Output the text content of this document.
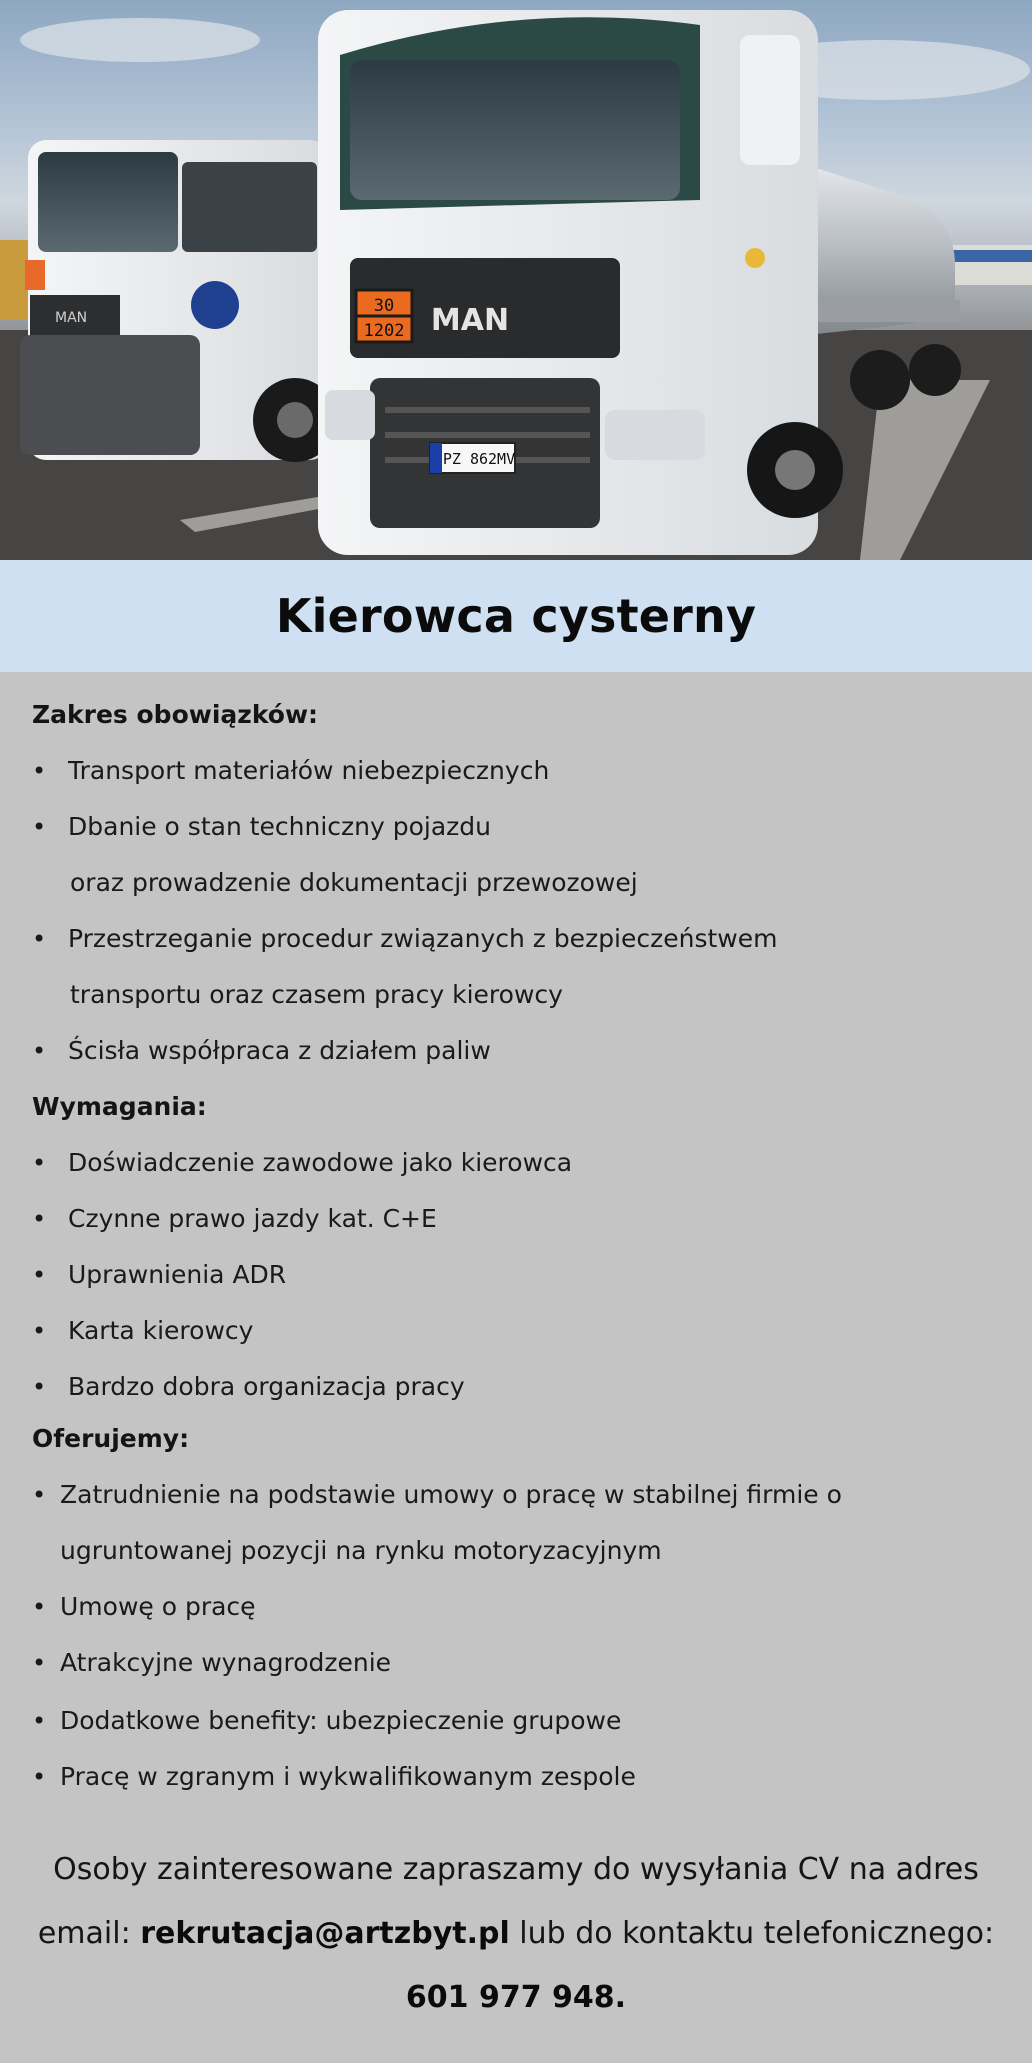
MAN
30
1202 MAN
PZ 862MV
Kierowca cysterny
Zakres obowiązków:
• Transport materiałów niebezpiecznych
• Dbanie o stan techniczny pojazdu
oraz prowadzenie dokumentacji przewozowej
• Przestrzeganie procedur związanych z bezpieczeństwem
transportu oraz czasem pracy kierowcy
• Ścisła współpraca z działem paliw
Wymagania:
• Doświadczenie zawodowe jako kierowca
• Czynne prawo jazdy kat. C+E
• Uprawnienia ADR
• Karta kierowcy
• Bardzo dobra organizacja pracy
Oferujemy:
• Zatrudnienie na podstawie umowy o pracę w stabilnej firmie o
ugruntowanej pozycji na rynku motoryzacyjnym
• Umowę o pracę
• Atrakcyjne wynagrodzenie
• Dodatkowe benefity: ubezpieczenie grupowe
• Pracę w zgranym i wykwalifikowanym zespole
Osoby zainteresowane zapraszamy do wysyłania CV na adres
email: rekrutacja@artzbyt.pl lub do kontaktu telefonicznego:
601 977 948.
